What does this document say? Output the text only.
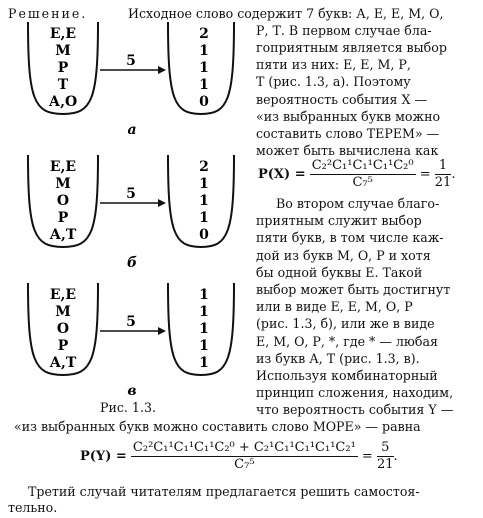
Решение.	Исходное слово содержит 7 букв: А, Е, Е, М, О,
Р, Т. В первом случае бла-
гоприятным является выбор
пяти из них: Е, Е, М, Р,
Т (рис. 1.3, а). Поэтому
вероятность события X —
«из выбранных букв можно
составить слово ТЕРЕМ» —
может быть вычислена как
$P(X) = \frac{\text{C₂²C₁¹C₁¹C₁¹C₂⁰}}{\text{C₇⁵}} = \frac{1}{21}$ .
Во втором случае благо-
приятным служит выбор
пяти букв, в том числе каж-
дой из букв М, О, Р и хотя
бы одной буквы Е. Такой
выбор может быть достигнут
или в виде Е, Е, М, О, Р
(рис. 1.3, б), или же в виде
Е, М, О, Р, *, где * — любая
из букв А, Т (рис. 1.3, в).
Используя комбинаторный
принцип сложения, находим,
что вероятность события Y —
Рис. 1.3.
«из выбранных букв можно составить слово МОРЕ» — равна
$P(Y) = \frac{\text{C₂²C₁¹C₁¹C₁¹C₂⁰ + C₂¹C₁¹C₁¹C₁¹C₂¹}}{\text{C₇⁵}} = \frac{5}{21}$ .
Третий случай читателям предлагается решить самостоя-
тельно.
Е,Е
М
Р
Т
А,О
2
1
1
1
0
5
а
Е,Е
М
О
Р
А,Т
2
1
1
1
0
5
б
Е,Е
М
О
Р
А,Т
1
1
1
1
1
5
в
